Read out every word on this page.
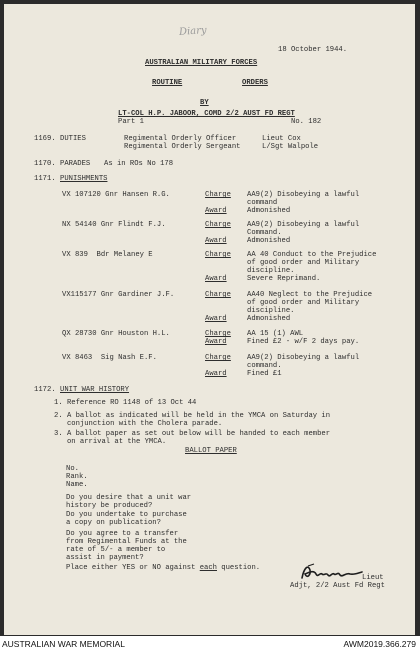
Diary
18 October 1944.
AUSTRALIAN MILITARY FORCES
ROUTINE	ORDERS
BY
LT-COL H.P. JABOOR, COMD 2/2 AUST FD REGT
Part 1	No. 182
1169. DUTIES	Regimental Orderly Officer	Lieut Cox
Regimental Orderly Sergeant	L/Sgt Walpole
1170. PARADES As in ROs No 178
1171. PUNISHMENTS
VX 107120 Gnr Hansen R.G.	Charge AA9(2) Disobeying a lawful
command
Award	Admonished
NX 54140 Gnr Flindt F.J.	Charge AA9(2) Disobeying a lawful
Command.
Award	Admonished
VX 839  Bdr Melaney E	Charge AA 40 Conduct to the Prejudice
of good order and Military
discipline.
Award	Severe Reprimand.
VX115177 Gnr Gardiner J.F.	Charge AA40 Neglect to the Prejudice
of good order and Military
discipline.
Award	Admonished
QX 28730 Gnr Houston H.L.	Charge AA 15 (1) AWL
Award	Fined £2 - w/F 2 days pay.
VX 8463  Sig Nash E.F.	Charge AA9(2) Disobeying a lawful
command.
Award	Fined £1
1172. UNIT WAR HISTORY
1. Reference RO 1148 of 13 Oct 44
2. A ballot as indicated will be held in the YMCA on Saturday in
conjunction with the Cholera parade.
3. A ballot paper as set out below will be handed to each member
on arrival at the YMCA.
BALLOT PAPER
No.
Rank.
Name.
Do you desire that a unit war
history be produced?
Do you undertake to purchase
a copy on publication?
Do you agree to a transfer
from Regimental Funds at the
rate of 5/- a member to
assist in payment?
Place either YES or NO against each question.
Lieut
Adjt, 2/2 Aust Fd Regt
AUSTRALIAN WAR MEMORIAL	AWM2019.366.279
